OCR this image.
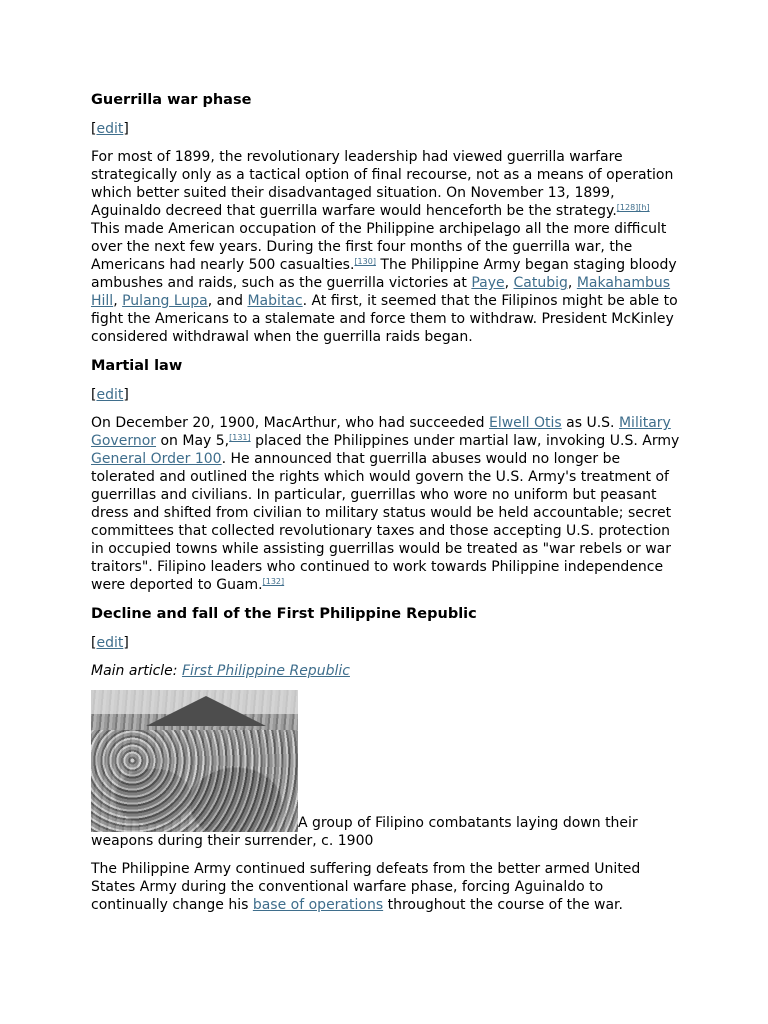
Guerrilla war phase
[edit]

For most of 1899, the revolutionary leadership had viewed guerrilla warfare strategically only as a tactical option of final recourse, not as a means of operation which better suited their disadvantaged situation. On November 13, 1899, Aguinaldo decreed that guerrilla warfare would henceforth be the strategy.[128][h] This made American occupation of the Philippine archipelago all the more difficult over the next few years. During the first four months of the guerrilla war, the Americans had nearly 500 casualties.[130] The Philippine Army began staging bloody ambushes and raids, such as the guerrilla victories at Paye, Catubig, Makahambus Hill, Pulang Lupa, and Mabitac. At first, it seemed that the Filipinos might be able to fight the Americans to a stalemate and force them to withdraw. President McKinley considered withdrawal when the guerrilla raids began.

Martial law
[edit]

On December 20, 1900, MacArthur, who had succeeded Elwell Otis as U.S. Military Governor on May 5,[131] placed the Philippines under martial law, invoking U.S. Army General Order 100. He announced that guerrilla abuses would no longer be tolerated and outlined the rights which would govern the U.S. Army's treatment of guerrillas and civilians. In particular, guerrillas who wore no uniform but peasant dress and shifted from civilian to military status would be held accountable; secret committees that collected revolutionary taxes and those accepting U.S. protection in occupied towns while assisting guerrillas would be treated as "war rebels or war traitors". Filipino leaders who continued to work towards Philippine independence were deported to Guam.[132]

Decline and fall of the First Philippine Republic
[edit]

Main article: First Philippine Republic

A group of Filipino combatants laying down their weapons during their surrender, c. 1900

The Philippine Army continued suffering defeats from the better armed United States Army during the conventional warfare phase, forcing Aguinaldo to continually change his base of operations throughout the course of the war.
